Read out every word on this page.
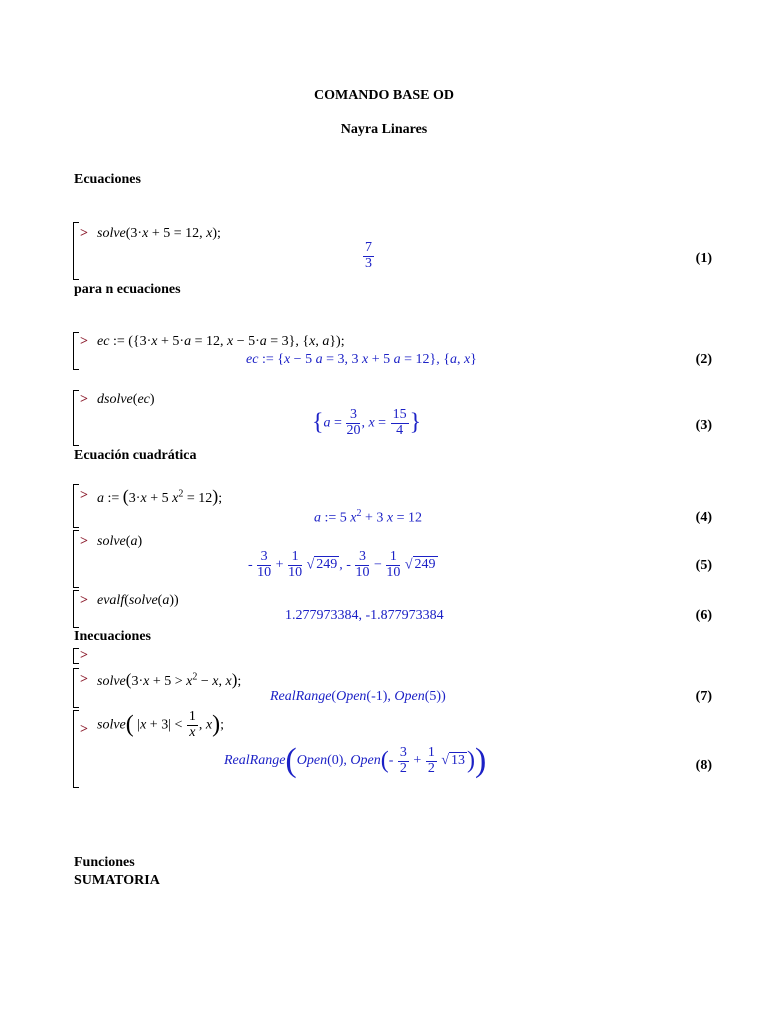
COMANDO BASE OD
Nayra Linares
Ecuaciones
> solve(3·x + 5 = 12, x);
$\frac{7}{3}$	(1)
para n ecuaciones
> ec := ({3·x + 5·a = 12, x − 5·a = 3}, {x, a});
ec := {x − 5 a = 3, 3 x + 5 a = 12}, {a, x}	(2)
> dsolve(ec)
{$a = \frac{3}{20}$ , $x = \frac{15}{4}$ }	(3)
Ecuación cuadrática
> a := (3·x + 5 $x^2 = 12$);
a := 5 $x^2 + 3$ x = 12	(4)
> solve(a)
- $\frac{3}{10} + \frac{1}{10}$ √ 249 , - $\frac{3}{10} - \frac{1}{10}$ √ 249	(5)
> evalf(solve(a))
1.277973384, -1.877973384	(6)
Inecuaciones
>
> solve(3·x + $5 > x^2 - x$, x);
RealRange(Open(-1), Open(5))	(7)
> solve( $|x + 3| < \frac{1}{x}$ , x);
RealRange(Open(0), Open(- $\frac{3}{2} + \frac{1}{2}$ √ 13))	(8)
Funciones
SUMATORIA
